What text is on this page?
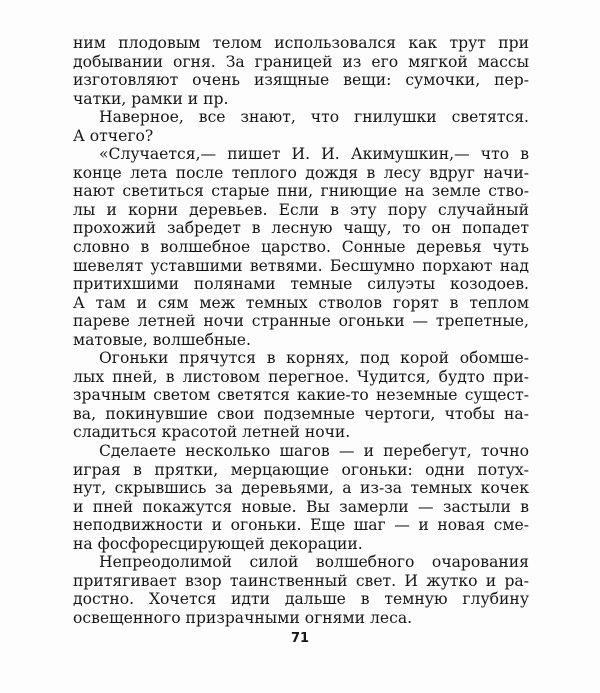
ним плодовым телом использовался как трут при
добывании огня. За границей из его мягкой массы
изготовляют очень изящные вещи: сумочки, пер-
чатки, рамки и пр.
Наверное, все знают, что гнилушки светятся.
А отчего?
«Случается,— пишет И. И. Акимушкин,— что в
конце лета после теплого дождя в лесу вдруг начи-
нают светиться старые пни, гниющие на земле ство-
лы и корни деревьев. Если в эту пору случайный
прохожий забредет в лесную чащу, то он попадет
словно в волшебное царство. Сонные деревья чуть
шевелят уставшими ветвями. Бесшумно порхают над
притихшими полянами темные силуэты козодоев.
А там и сям меж темных стволов горят в теплом
пареве летней ночи странные огоньки — трепетные,
матовые, волшебные.
Огоньки прячутся в корнях, под корой обомше-
лых пней, в листовом перегное. Чудится, будто при-
зрачным светом светятся какие-то неземные сущест-
ва, покинувшие свои подземные чертоги, чтобы на-
сладиться красотой летней ночи.
Сделаете несколько шагов — и перебегут, точно
играя в прятки, мерцающие огоньки: одни потух-
нут, скрывшись за деревьями, а из-за темных кочек
и пней покажутся новые. Вы замерли — застыли в
неподвижности и огоньки. Еще шаг — и новая сме-
на фосфоресцирующей декорации.
Непреодолимой силой волшебного очарования
притягивает взор таинственный свет. И жутко и ра-
достно. Хочется идти дальше в темную глубину
освещенного призрачными огнями леса.
71
